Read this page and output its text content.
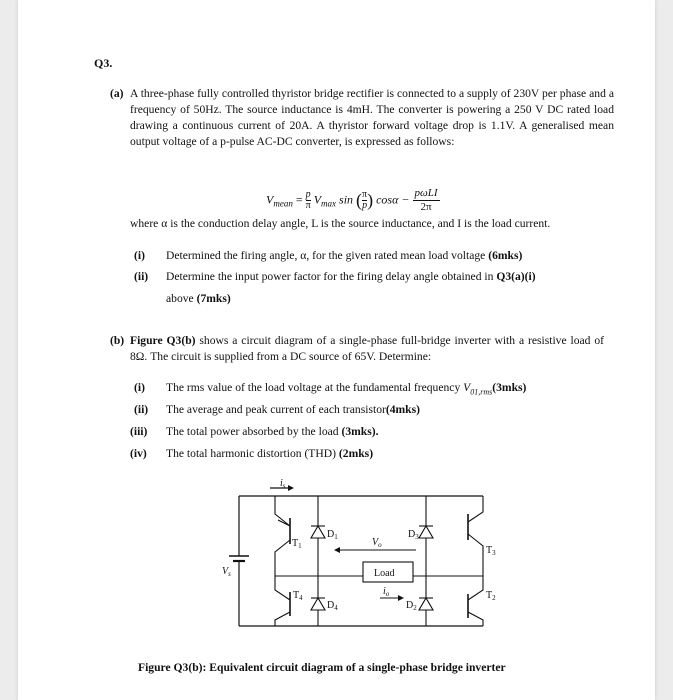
Q3.
(a) A three-phase fully controlled thyristor bridge rectifier is connected to a supply of 230V per phase and a frequency of 50Hz. The source inductance is 4mH. The converter is powering a 250 V DC rated load drawing a continuous current of 20A. A thyristor forward voltage drop is 1.1V. A generalised mean output voltage of a p-pulse AC-DC converter, is expressed as follows:
$V_{mean} = \frac{p}{\pi} V_{max}$ sin ( $\frac{\pi}{p}$ ) cosα − pωLI
2π
where α is the conduction delay angle, L is the source inductance, and I is the load current.
(i) Determined the firing angle, α, for the given rated mean load voltage (6mks)
(ii) Determine the input power factor for the firing delay angle obtained in Q3(a)(i)
above (7mks)
(b) Figure Q3(b) shows a circuit diagram of a single-phase full-bridge inverter with a resistive load of 8Ω. The circuit is supplied from a DC source of 65V. Determine:
(i) The rms value of the load voltage at the fundamental frequency $V_{01,rms}(3mks)$
(ii) The average and peak current of each transistor(4mks)
(iii) The total power absorbed by the load (3mks).
(iv) The total harmonic distortion (THD) (2mks)
$i_s$
$V_s$
$T_1$
$T_4$
$D_1$
$D_4$
$D_3$
$D_2$
$T_3$
$T_2$
$V_o$
$i_o$
Load
Figure Q3(b): Equivalent circuit diagram of a single-phase bridge inverter
